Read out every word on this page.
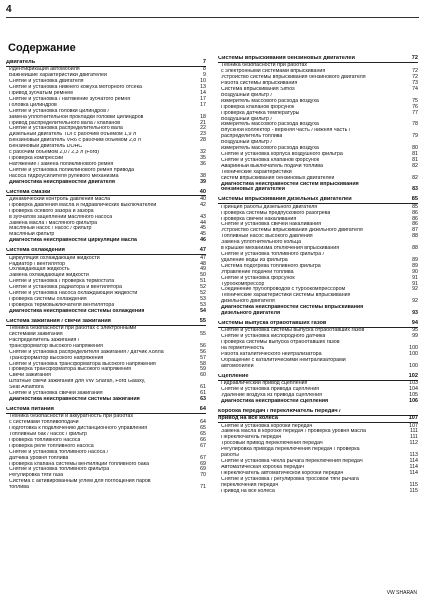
4
Содержание
Двигатель	7
Идентификация автомобиля	8
Важнейшие характеристики двигателей	9
Снятие и установка двигателя	10
Снятие и установка нижнего кожуха моторного отсека	13
Привод зубчатым ремнем	14
Снятие и установка / натяжение зубчатого ремня	17
Головка цилиндров	17
Снятие и установка головки цилиндров /
замена уплотнительной прокладки головки цилиндров	18
Привод распределительного вала / клапанов	21
Снятие и установка распределительного вала	22
Дизельный двигатель TDI с рабочим объемом 1,9 л	23
Бензиновый двигатель VR6 с рабочим объемом 2,8 л	28
Бензиновый двигатель DOHC
с рабочим объемом 2,0 / 2,3 л (Ford)	32
Проверка компрессии	35
Натяжение / замена поликлинового ремня	36
Снятие и установка поликлинового ремня привода
насоса гидроусилителя рулевого механизма	38
Диагностика неисправностей двигателя	39
Система смазки	40
Динамический контроль давления масла	40
Проверка давления масла и гидравлических выключателей	42
Проверка осевого зазора и зазора
в зубчатом зацеплении масляного насоса	43
Замена масла / масляного фильтра	44
Масляный насос / насос / фильтр	45
Масляный фильтр	45
Диагностика неисправностей циркуляции масла	46
Система охлаждения	47
Циркуляция охлаждающей жидкости	47
Радиатор / вентилятор	48
Охлаждающая жидкость	49
Замена охлаждающей жидкости	50
Снятие и установка / проверка термостата	51
Снятие и установка радиатора и вентилятора	52
Снятие и установка насоса охлаждающей жидкости	52
Проверка системы охлаждения	53
Проверка термовыключателя вентилятора	53
Диагностика неисправностей системы охлаждения	54
Система зажигания / свечи зажигания	55
Техника безопасности при работах с электронными
системами зажигания	55
Распределитель зажигания /
трансформатор высокого напряжения	56
Снятие и установка распределителя зажигания / датчик Холла	56
Трансформатор высокого напряжения	57
Снятие и установка трансформатора высокого напряжения	58
Проверка трансформатора высокого напряжения	59
Свечи зажигания	60
Штатные свечи зажигания для VW Sharan, Ford Galaxy,
Seat Alhambra	61
Снятие и установка свечей зажигания	61
Диагностика неисправностей системы зажигания	63
Система питания	64
Техника безопасности и аккуратность при работах
с системами топливоподачи	64
Подготовка к подключению дистанционного управления	65
Топливный бак / насос / фильтр	65
Проверка топливного насоса	66
Проверка реле топливного насоса	67
Снятие и установка топливного насоса /
датчика уровня топлива	67
Проверка клапана системы вентиляции топливного бака	69
Снятие и установка топливного фильтра	69
Регулировка тяги газа	70
Система с активированным углем для поглощения паров
топлива	71
Системы впрыскивания бензиновых двигателей	72
Техника безопасности при работах
с электронными системами впрыскивания	72
Устройство системы впрыскивания бензинового двигателя	72
Работа системы впрыскивания	73
Система впрыскивания Simos	74
Воздушный фильтр /
измеритель массового расхода воздуха	75
Проверка клапанов форсунок	76
Проверка датчика температуры	77
Воздушный фильтр /
измеритель массового расхода воздуха	78
Впускной коллектор - верхняя часть / нижняя часть /
распределитель топлива	79
Воздушный фильтр /
измеритель массового расхода воздуха	80
Снятие и установка корпуса воздушного фильтра	81
Снятие и установка клапанов форсунок	81
Аварийный выключатель подачи топлива	82
Технические характеристики
систем впрыскивания бензиновых двигателей	82
Диагностика неисправностей систем впрыскивания
бензиновых двигателей	83
Системы впрыскивания дизельных двигателей	85
Принцип работы дизельного двигателя	85
Проверка системы предпускового разогрева	86
Проверка свечей накаливания	86
Снятие и установка свечей накаливания	86
Устройство системы впрыскивания дизельного двигателя	87
Топливный насос высокого давления	88
Замена уплотнительного кольца
в крышке механизма отключения впрыскивания	88
Снятие и установка топливного фильтра /
удаление воды из фильтра	89
Система подогрева топливного фильтра	89
Управление подачей топлива	90
Снятие и установка форсунок	91
Турбокомпрессор	91
Соединение трубопроводов с турбокомпрессором	92
Технические характеристики системы впрыскивания
дизельного двигателя	92
Диагностика неисправностей системы впрыскивания
дизельного двигателя	93
Системы выпуска отработавших газов	94
Снятие и установка системы выпуска отработавших газов	95
Снятие и установка кислородного датчика	99
Проверка системы выпуска отработавших газов
на герметичность	100
Работа каталитического нейтрализатора	100
Обращение с каталитическими нейтрализаторами
автомобилей	100
Сцепление	102
Гидравлический привод сцепления	103
Снятие и установка привода сцепления	104
Удаление воздуха из привода сцепления	105
Диагностика неисправностей сцепления	106
Коробка передач / переключатель передач /
привод на все колеса	107
Снятие и установка коробки передач	107
Замена масла в коробке передач / проверка уровня масла	111
Переключатель передач	111
Тросовый привод переключения передач	112
Регулировка привода переключения передач / проверка
работы	113
Снятие и установка чехла рычага переключения передач	114
Автоматическая коробка передач	114
Переключатель автоматической коробки передач	114
Снятие и установка / регулировка тросовой тяги рычага
переключения передач	115
Привод на все колеса	115
VW SHARAN
